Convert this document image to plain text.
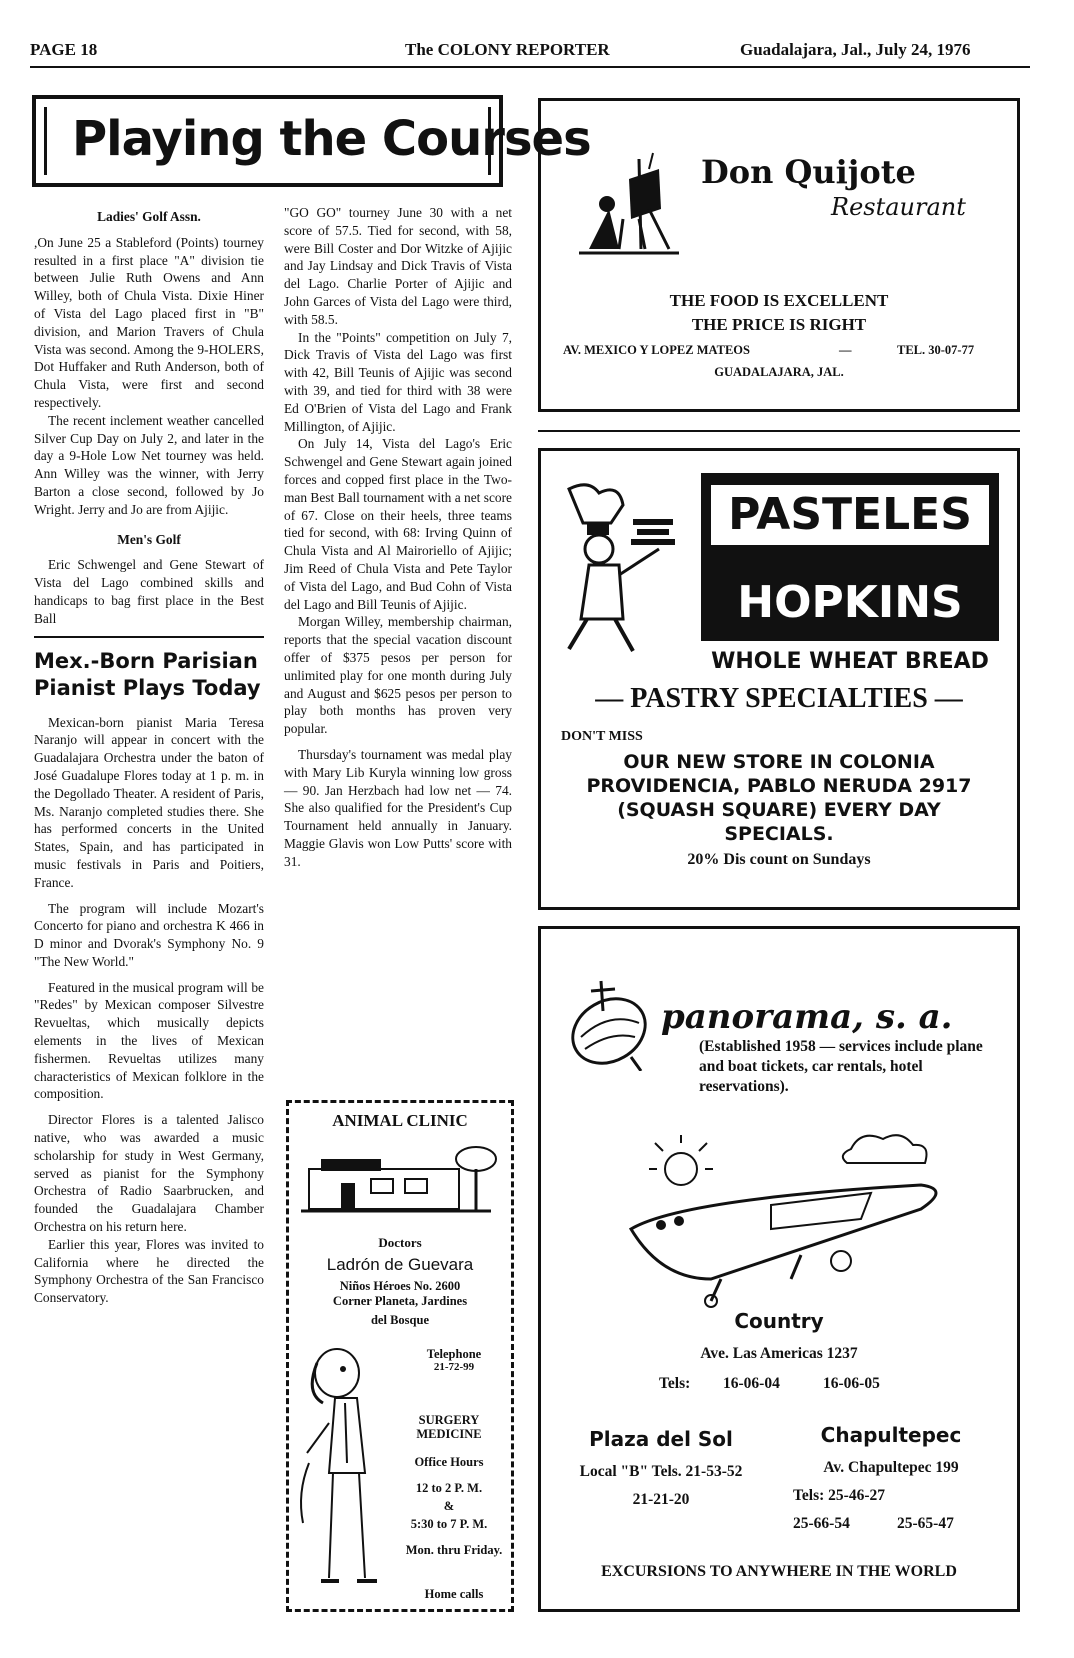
PAGE 18	The COLONY REPORTER	Guadalajara, Jal., July 24, 1976
Playing the Courses

Ladies' Golf Assn.

,On June 25 a Stableford (Points) tourney resulted in a first place "A" division tie between Julie Ruth Owens and Ann Willey, both of Chula Vista. Dixie Hiner of Vista del Lago placed first in "B" division, and Marion Travers of Chula Vista was second. Among the 9-HOLERS, Dot Huffaker and Ruth Anderson, both of Chula Vista, were first and second respectively.

The recent inclement weather cancelled Silver Cup Day on July 2, and later in the day a 9-Hole Low Net tourney was held. Ann Willey was the winner, with Jerry Barton a close second, followed by Jo Wright. Jerry and Jo are from Ajijic.

Men's Golf

Eric Schwengel and Gene Stewart of Vista del Lago combined skills and handicaps to bag first place in the Best Ball

Mex.-Born Parisian Pianist Plays Today

Mexican-born pianist Maria Teresa Naranjo will appear in concert with the Guadalajara Orchestra under the baton of José Guadalupe Flores today at 1 p. m. in the Degollado Theater. A resident of Paris, Ms. Naranjo completed studies there. She has performed concerts in the United States, Spain, and has participated in music festivals in Paris and Poitiers, France.

The program will include Mozart's Concerto for piano and orchestra K 466 in D minor and Dvorak's Symphony No. 9 "The New World."

Featured in the musical program will be "Redes" by Mexican composer Silvestre Revueltas, which musically depicts elements in the lives of Mexican fishermen. Revueltas utilizes many characteristics of Mexican folklore in the composition.

Director Flores is a talented Jalisco native, who was awarded a music scholarship for study in West Germany, served as pianist for the Symphony Orchestra of Radio Saarbrucken, and founded the Guadalajara Chamber Orchestra on his return here.

Earlier this year, Flores was invited to California where he directed the Symphony Orchestra of the San Francisco Conservatory.

"GO GO" tourney June 30 with a net score of 57.5. Tied for second, with 58, were Bill Coster and Dor Witzke of Ajijic and Jay Lindsay and Dick Travis of Vista del Lago. Charlie Porter of Ajijic and John Garces of Vista del Lago were third, with 58.5.

In the "Points" competition on July 7, Dick Travis of Vista del Lago was first with 42, Bill Teunis of Ajijic was second with 39, and tied for third with 38 were Ed O'Brien of Vista del Lago and Frank Millington, of Ajijic.

On July 14, Vista del Lago's Eric Schwengel and Gene Stewart again joined forces and copped first place in the Two-man Best Ball tournament with a net score of 67. Close on their heels, three teams tied for second, with 68: Irving Quinn of Chula Vista and Al Mairoriello of Ajijic; Jim Reed of Chula Vista and Pete Taylor of Vista del Lago, and Bud Cohn of Vista del Lago and Bill Teunis of Ajijic.

Morgan Willey, membership chairman, reports that the special vacation discount offer of $375 pesos per person for unlimited play for one month during July and August and $625 pesos per person to play both months has proven very popular.

Thursday's tournament was medal play with Mary Lib Kuryla winning low gross — 90. Jan Herzbach had low net — 74. She also qualified for the President's Cup Tournament held annually in January. Maggie Glavis won Low Putts' score with 31.

ANIMAL CLINIC
Doctors
Ladrón de Guevara
Niños Héroes No. 2600
Corner Planeta, Jardines
del Bosque
Telephone
21-72-99
SURGERY MEDICINE
Office Hours
12 to 2 P. M.
&
5:30 to 7 P. M.
Mon. thru Friday.
Home calls
Don Quijote
Restaurant
THE FOOD IS EXCELLENT
THE PRICE IS RIGHT
AV. MEXICO Y LOPEZ MATEOS	—	TEL. 30-07-77
GUADALAJARA, JAL.
PASTELES
HOPKINS
WHOLE WHEAT BREAD
— PASTRY SPECIALTIES —
DON'T MISS
OUR NEW STORE IN COLONIA
PROVIDENCIA, PABLO NERUDA 2917
(SQUASH SQUARE) EVERY DAY
SPECIALS.
20% Dis count on Sundays
panorama, s. a.
(Established 1958 — services include plane and boat tickets, car rentals, hotel reservations).
Country
Ave. Las Americas 1237
Tels: 16-06-04	16-06-05
Plaza del Sol
Local "B" Tels. 21-53-52
21-21-20
Chapultepec
Av. Chapultepec 199
Tels: 25-46-27
25-66-54	25-65-47
EXCURSIONS TO ANYWHERE IN THE WORLD
